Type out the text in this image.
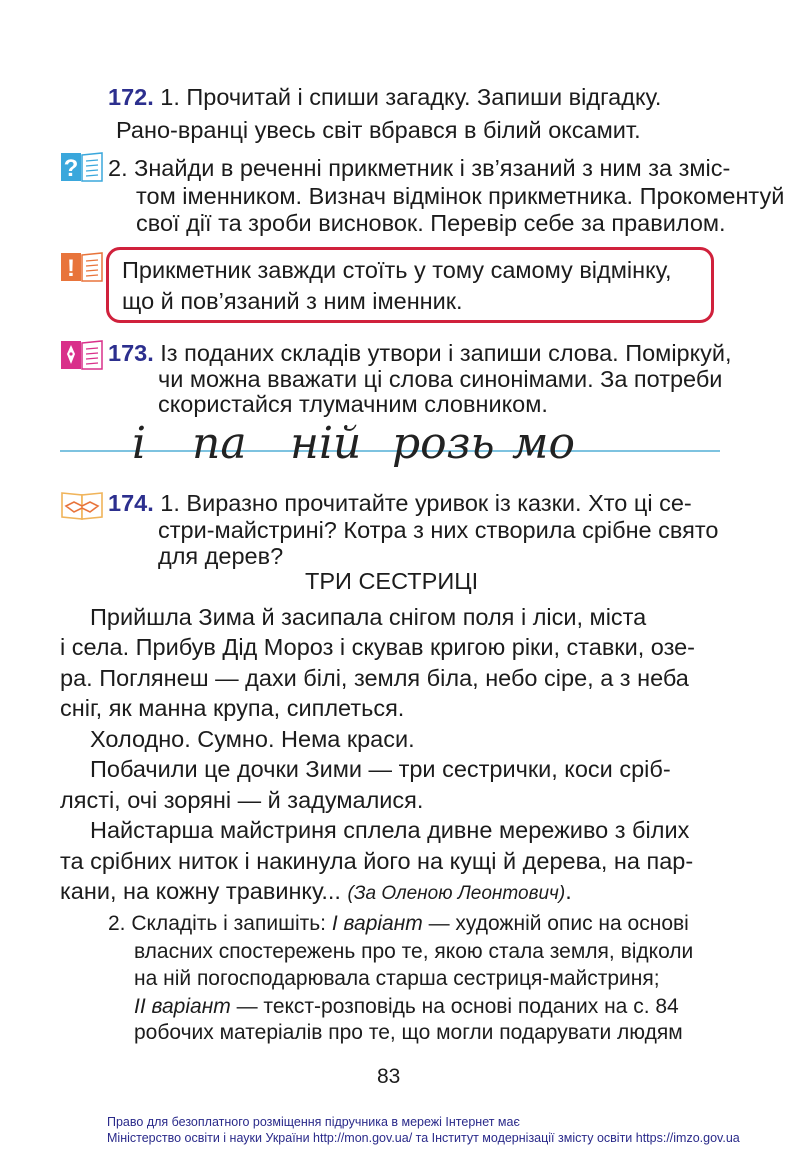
172. 1. Прочитай і спиши загадку. Запиши відгадку.
Рано-вранці увесь світ вбрався в білий оксамит.
? 2. Знайди в реченні прикметник і зв’язаний з ним за зміс-
том іменником. Визнач відмінок прикметника. Прокоментуй
свої дії та зроби висновок. Перевір себе за правилом.
! Прикметник завжди стоїть у тому самому відмінку,
що й пов’язаний з ним іменник.
173. Із поданих складів утвори і запиши слова. Поміркуй,
чи можна вважати ці слова синонімами. За потреби
скористайся тлумачним словником.
і па ній розь мо
174. 1. Виразно прочитайте уривок із казки. Хто ці се-
стри-майстрині? Котра з них створила срібне свято
для дерев?
ТРИ СЕСТРИЦІ
Прийшла Зима й засипала снігом поля і ліси, міста
і села. Прибув Дід Мороз і скував кригою ріки, ставки, озе-
ра. Поглянеш — дахи білі, земля біла, небо сіре, а з неба
сніг, як манна крупа, сиплеться.
Холодно. Сумно. Нема краси.
Побачили це дочки Зими — три сестрички, коси сріб-
лясті, очі зоряні — й задумалися.
Найстарша майстриня сплела дивне мереживо з білих
та срібних ниток і накинула його на кущі й дерева, на пар-
кани, на кожну травинку... (За Оленою Леонтович).
2. Складіть і запишіть: І варіант — художній опис на основі
власних спостережень про те, якою стала земля, відколи
на ній погосподарювала старша сестриця-майстриня;
ІІ варіант — текст-розповідь на основі поданих на с. 84
робочих матеріалів про те, що могли подарувати людям
83
Право для безоплатного розміщення підручника в мережі Інтернет має
Міністерство освіти і науки України http://mon.gov.ua/ та Інститут модернізації змісту освіти https://imzo.gov.ua
